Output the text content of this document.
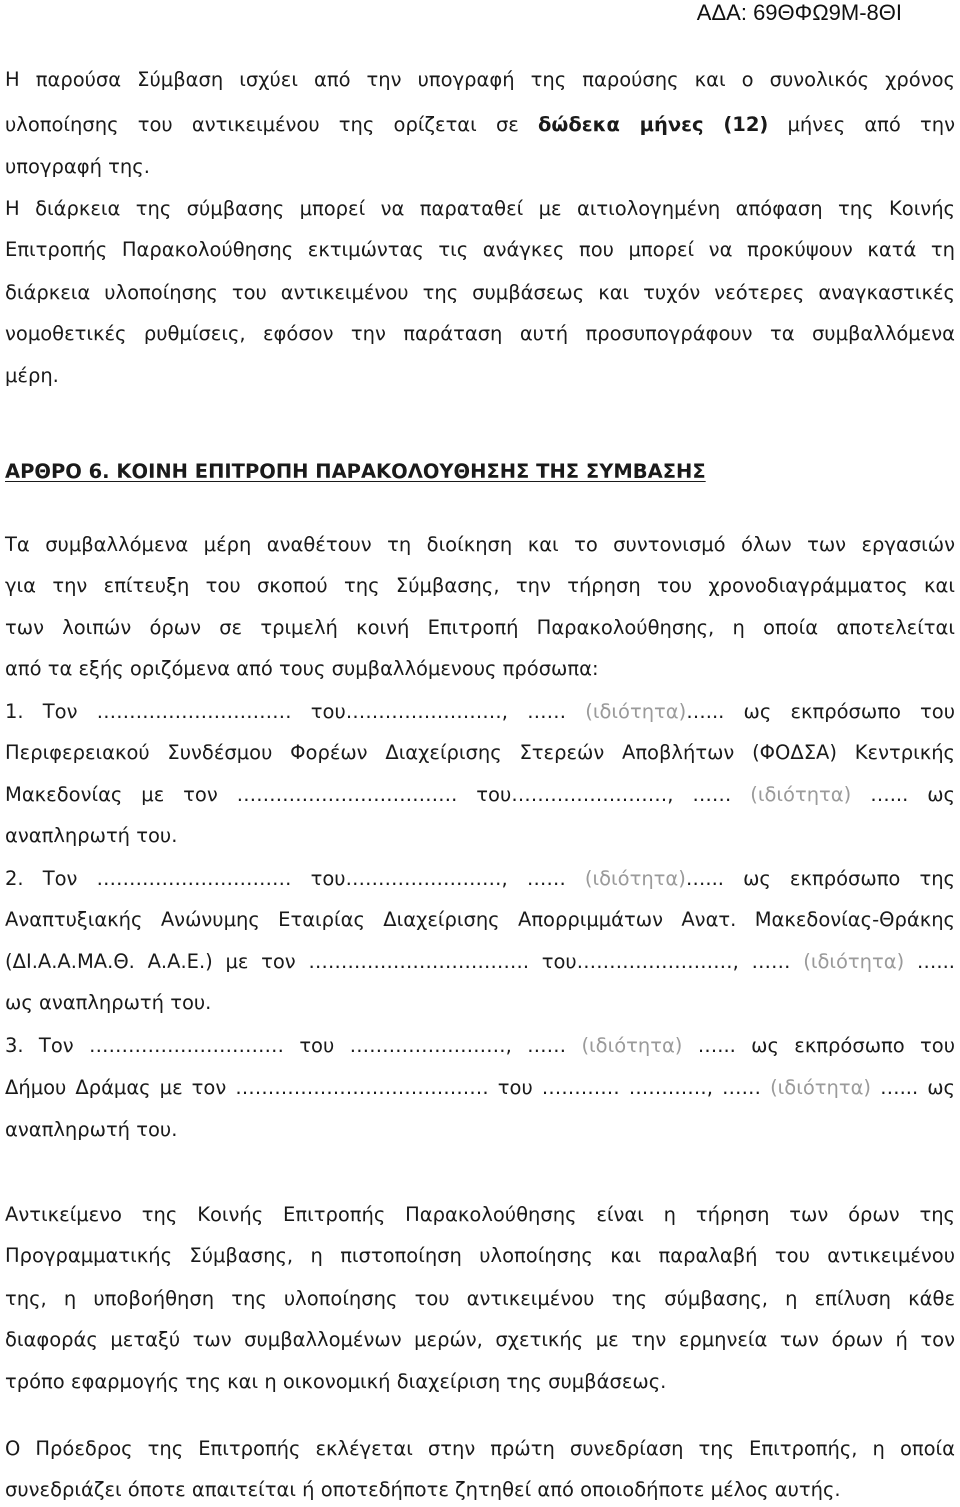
ΑΔΑ: 69ΘΦΩ9Μ-8ΘΙ
Η παρούσα Σύμβαση ισχύει από την υπογραφή της παρούσης και ο συνολικός χρόνος
υλοποίησης του αντικειμένου της ορίζεται σε δώδεκα μήνες (12) μήνες από την
υπογραφή της.
Η διάρκεια της σύμβασης μπορεί να παραταθεί με αιτιολογημένη απόφαση της Κοινής
Επιτροπής Παρακολούθησης εκτιμώντας τις ανάγκες που μπορεί να προκύψουν κατά τη
διάρκεια υλοποίησης του αντικειμένου της συμβάσεως και τυχόν νεότερες αναγκαστικές
νομοθετικές ρυθμίσεις, εφόσον την παράταση αυτή προσυπογράφουν τα συμβαλλόμενα
μέρη.
ΑΡΘΡΟ 6. ΚΟΙΝΗ ΕΠΙΤΡΟΠΗ ΠΑΡΑΚΟΛΟΥΘΗΣΗΣ ΤΗΣ ΣΥΜΒΑΣΗΣ
Τα συμβαλλόμενα μέρη αναθέτουν τη διοίκηση και το συντονισμό όλων των εργασιών
για την επίτευξη του σκοπού της Σύμβασης, την τήρηση του χρονοδιαγράμματος και
των λοιπών όρων σε τριμελή κοινή Επιτροπή Παρακολούθησης, η οποία αποτελείται
από τα εξής οριζόμενα από τους συμβαλλόμενους πρόσωπα:
1. Τον ………………………… του……………………, …… (ιδιότητα)…... ως εκπρόσωπο του
Περιφερειακού Συνδέσμου Φορέων Διαχείρισης Στερεών Αποβλήτων (ΦΟΔΣΑ) Κεντρικής
Μακεδονίας με τον ……………………………. του……………………, …… (ιδιότητα) …... ως
αναπληρωτή του.
2. Τον ………………………… του……………………, …… (ιδιότητα)…... ως εκπρόσωπο της
Αναπτυξιακής Ανώνυμης Εταιρίας Διαχείρισης Απορριμμάτων Ανατ. Μακεδονίας-Θράκης
(ΔΙ.Α.Α.ΜΑ.Θ. Α.Α.Ε.) με τον ……………………………. του……………………, …… (ιδιότητα) …...
ως αναπληρωτή του.
3. Τον ………………………… του ……………………, …… (ιδιότητα) …... ως εκπρόσωπο του
Δήμου Δράμας με τον ………………………………… του ………… …………, …… (ιδιότητα) …... ως
αναπληρωτή του.
Αντικείμενο της Κοινής Επιτροπής Παρακολούθησης είναι η τήρηση των όρων της
Προγραμματικής Σύμβασης, η πιστοποίηση υλοποίησης και παραλαβή του αντικειμένου
της, η υποβοήθηση της υλοποίησης του αντικειμένου της σύμβασης, η επίλυση κάθε
διαφοράς μεταξύ των συμβαλλομένων μερών, σχετικής με την ερμηνεία των όρων ή τον
τρόπο εφαρμογής της και η οικονομική διαχείριση της συμβάσεως.
Ο Πρόεδρος της Επιτροπής εκλέγεται στην πρώτη συνεδρίαση της Επιτροπής, η οποία
συνεδριάζει όποτε απαιτείται ή οποτεδήποτε ζητηθεί από οποιοδήποτε μέλος αυτής.
